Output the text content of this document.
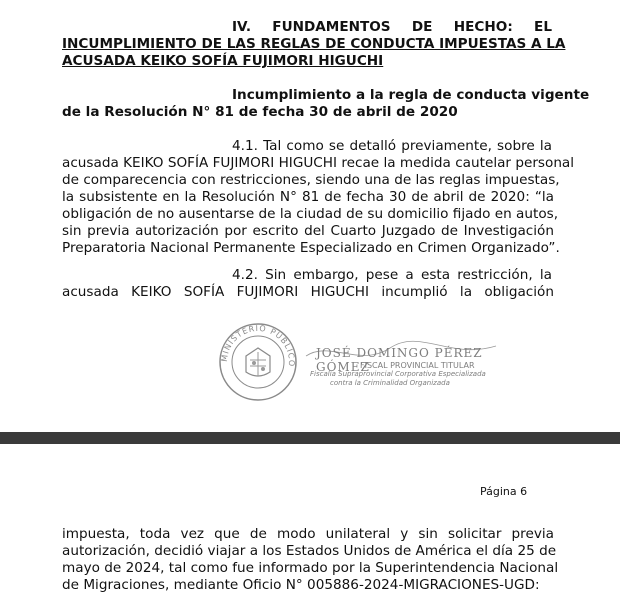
IV. FUNDAMENTOS DE HECHO: EL
INCUMPLIMIENTO DE LAS REGLAS DE CONDUCTA IMPUESTAS A LA
ACUSADA KEIKO SOFÍA FUJIMORI HIGUCHI
Incumplimiento a la regla de conducta vigente
de la Resolución N° 81 de fecha 30 de abril de 2020
4.1. Tal como se detalló previamente, sobre la
acusada KEIKO SOFÍA FUJIMORI HIGUCHI recae la medida cautelar personal
de comparecencia con restricciones, siendo una de las reglas impuestas,
la subsistente en la Resolución N° 81 de fecha 30 de abril de 2020: “la
obligación de no ausentarse de la ciudad de su domicilio fijado en autos,
sin previa autorización por escrito del Cuarto Juzgado de Investigación
Preparatoria Nacional Permanente Especializado en Crimen Organizado”.
4.2. Sin embargo, pese a esta restricción, la
acusada KEIKO SOFÍA FUJIMORI HIGUCHI incumplió la obligación
MINISTERIO PÚBLICO
JOSÉ DOMINGO PÉREZ GÓMEZ
FISCAL PROVINCIAL TITULAR
Fiscalía Supraprovincial Corporativa Especializada
contra la Criminalidad Organizada
Página 6
impuesta, toda vez que de modo unilateral y sin solicitar previa
autorización, decidió viajar a los Estados Unidos de América el día 25 de
mayo de 2024, tal como fue informado por la Superintendencia Nacional
de Migraciones, mediante Oficio N° 005886-2024-MIGRACIONES-UGD:
